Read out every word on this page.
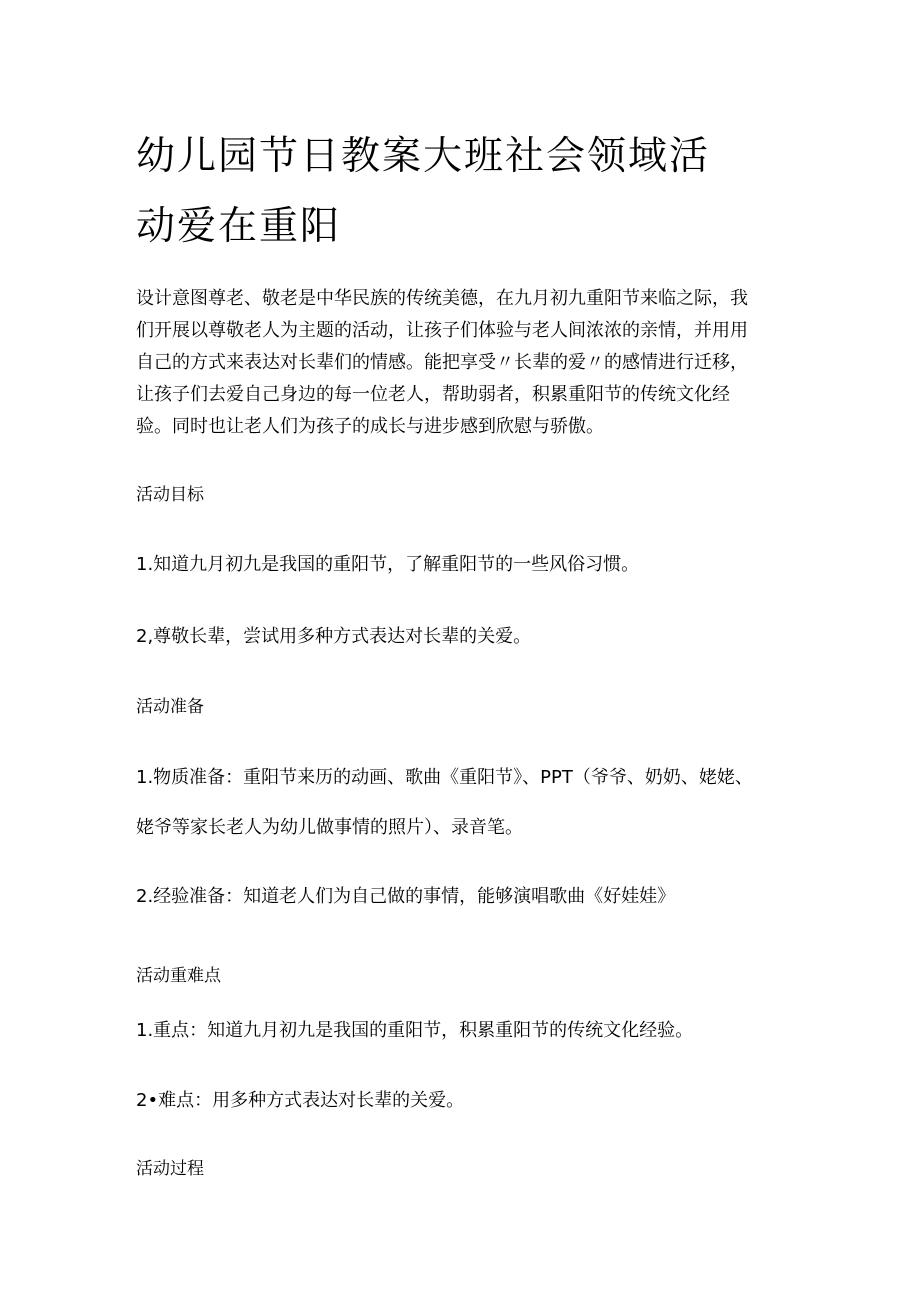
幼儿园节日教案大班社会领域活
动爱在重阳
设计意图尊老、敬老是中华民族的传统美德，在九月初九重阳节来临之际，我
们开展以尊敬老人为主题的活动，让孩子们体验与老人间浓浓的亲情，并用用
自己的方式来表达对长辈们的情感。能把享受〃长辈的爱〃的感情进行迁移，
让孩子们去爱自己身边的每一位老人，帮助弱者，积累重阳节的传统文化经
验。同时也让老人们为孩子的成长与进步感到欣慰与骄傲。

活动目标

1.知道九月初九是我国的重阳节，了解重阳节的一些风俗习惯。

2,尊敬长辈，尝试用多种方式表达对长辈的关爱。

活动准备

1.物质准备：重阳节来历的动画、歌曲《重阳节》、PPT（爷爷、奶奶、姥姥、

姥爷等家长老人为幼儿做事情的照片）、录音笔。

2.经验准备：知道老人们为自己做的事情，能够演唱歌曲《好娃娃》

活动重难点

1.重点：知道九月初九是我国的重阳节，积累重阳节的传统文化经验。

2•难点：用多种方式表达对长辈的关爱。

活动过程
